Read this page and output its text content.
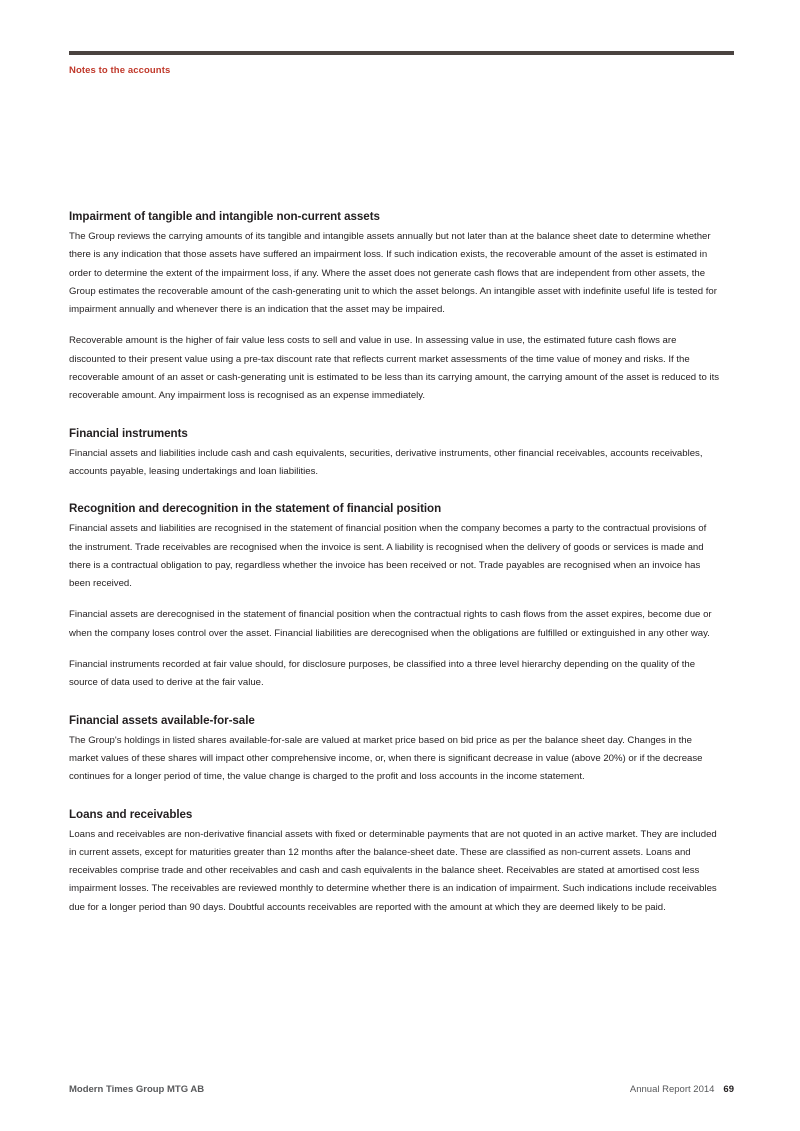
Notes to the accounts
Impairment of tangible and intangible non-current assets

The Group reviews the carrying amounts of its tangible and intangible assets annually but not later than at the balance sheet date to determine whether there is any indication that those assets have suffered an impairment loss. If such indication exists, the recoverable amount of the asset is estimated in order to determine the extent of the impairment loss, if any. Where the asset does not generate cash flows that are independent from other assets, the Group estimates the recoverable amount of the cash-generating unit to which the asset belongs. An intangible asset with indefinite useful life is tested for impairment annually and whenever there is an indication that the asset may be impaired.

Recoverable amount is the higher of fair value less costs to sell and value in use. In assessing value in use, the estimated future cash flows are discounted to their present value using a pre-tax discount rate that reflects current market assessments of the time value of money and risks. If the recoverable amount of an asset or cash-generating unit is estimated to be less than its carrying amount, the carrying amount of the asset is reduced to its recoverable amount. Any impairment loss is recognised as an expense immediately.

Financial instruments

Financial assets and liabilities include cash and cash equivalents, securities, derivative instruments, other financial receivables, accounts receivables, accounts payable, leasing undertakings and loan liabilities.

Recognition and derecognition in the statement of financial position

Financial assets and liabilities are recognised in the statement of financial position when the company becomes a party to the contractual provisions of the instrument. Trade receivables are recognised when the invoice is sent. A liability is recognised when the delivery of goods or services is made and there is a contractual obligation to pay, regardless whether the invoice has been received or not. Trade payables are recognised when an invoice has been received.

Financial assets are derecognised in the statement of financial position when the contractual rights to cash flows from the asset expires, become due or when the company loses control over the asset. Financial liabilities are derecognised when the obligations are fulfilled or extinguished in any other way.

Financial instruments recorded at fair value should, for disclosure purposes, be classified into a three level hierarchy depending on the quality of the source of data used to derive at the fair value.

Financial assets available-for-sale

The Group's holdings in listed shares available-for-sale are valued at market price based on bid price as per the balance sheet day. Changes in the market values of these shares will impact other comprehensive income, or, when there is significant decrease in value (above 20%) or if the decrease continues for a longer period of time, the value change is charged to the profit and loss accounts in the income statement.

Loans and receivables

Loans and receivables are non-derivative financial assets with fixed or determinable payments that are not quoted in an active market. They are included in current assets, except for maturities greater than 12 months after the balance-sheet date. These are classified as non-current assets. Loans and receivables comprise trade and other receivables and cash and cash equivalents in the balance sheet. Receivables are stated at amortised cost less impairment losses. The receivables are reviewed monthly to determine whether there is an indication of impairment. Such indications include receivables due for a longer period than 90 days. Doubtful accounts receivables are reported with the amount at which they are deemed likely to be paid.

Modern Times Group MTG AB	Annual Report 2014 69
